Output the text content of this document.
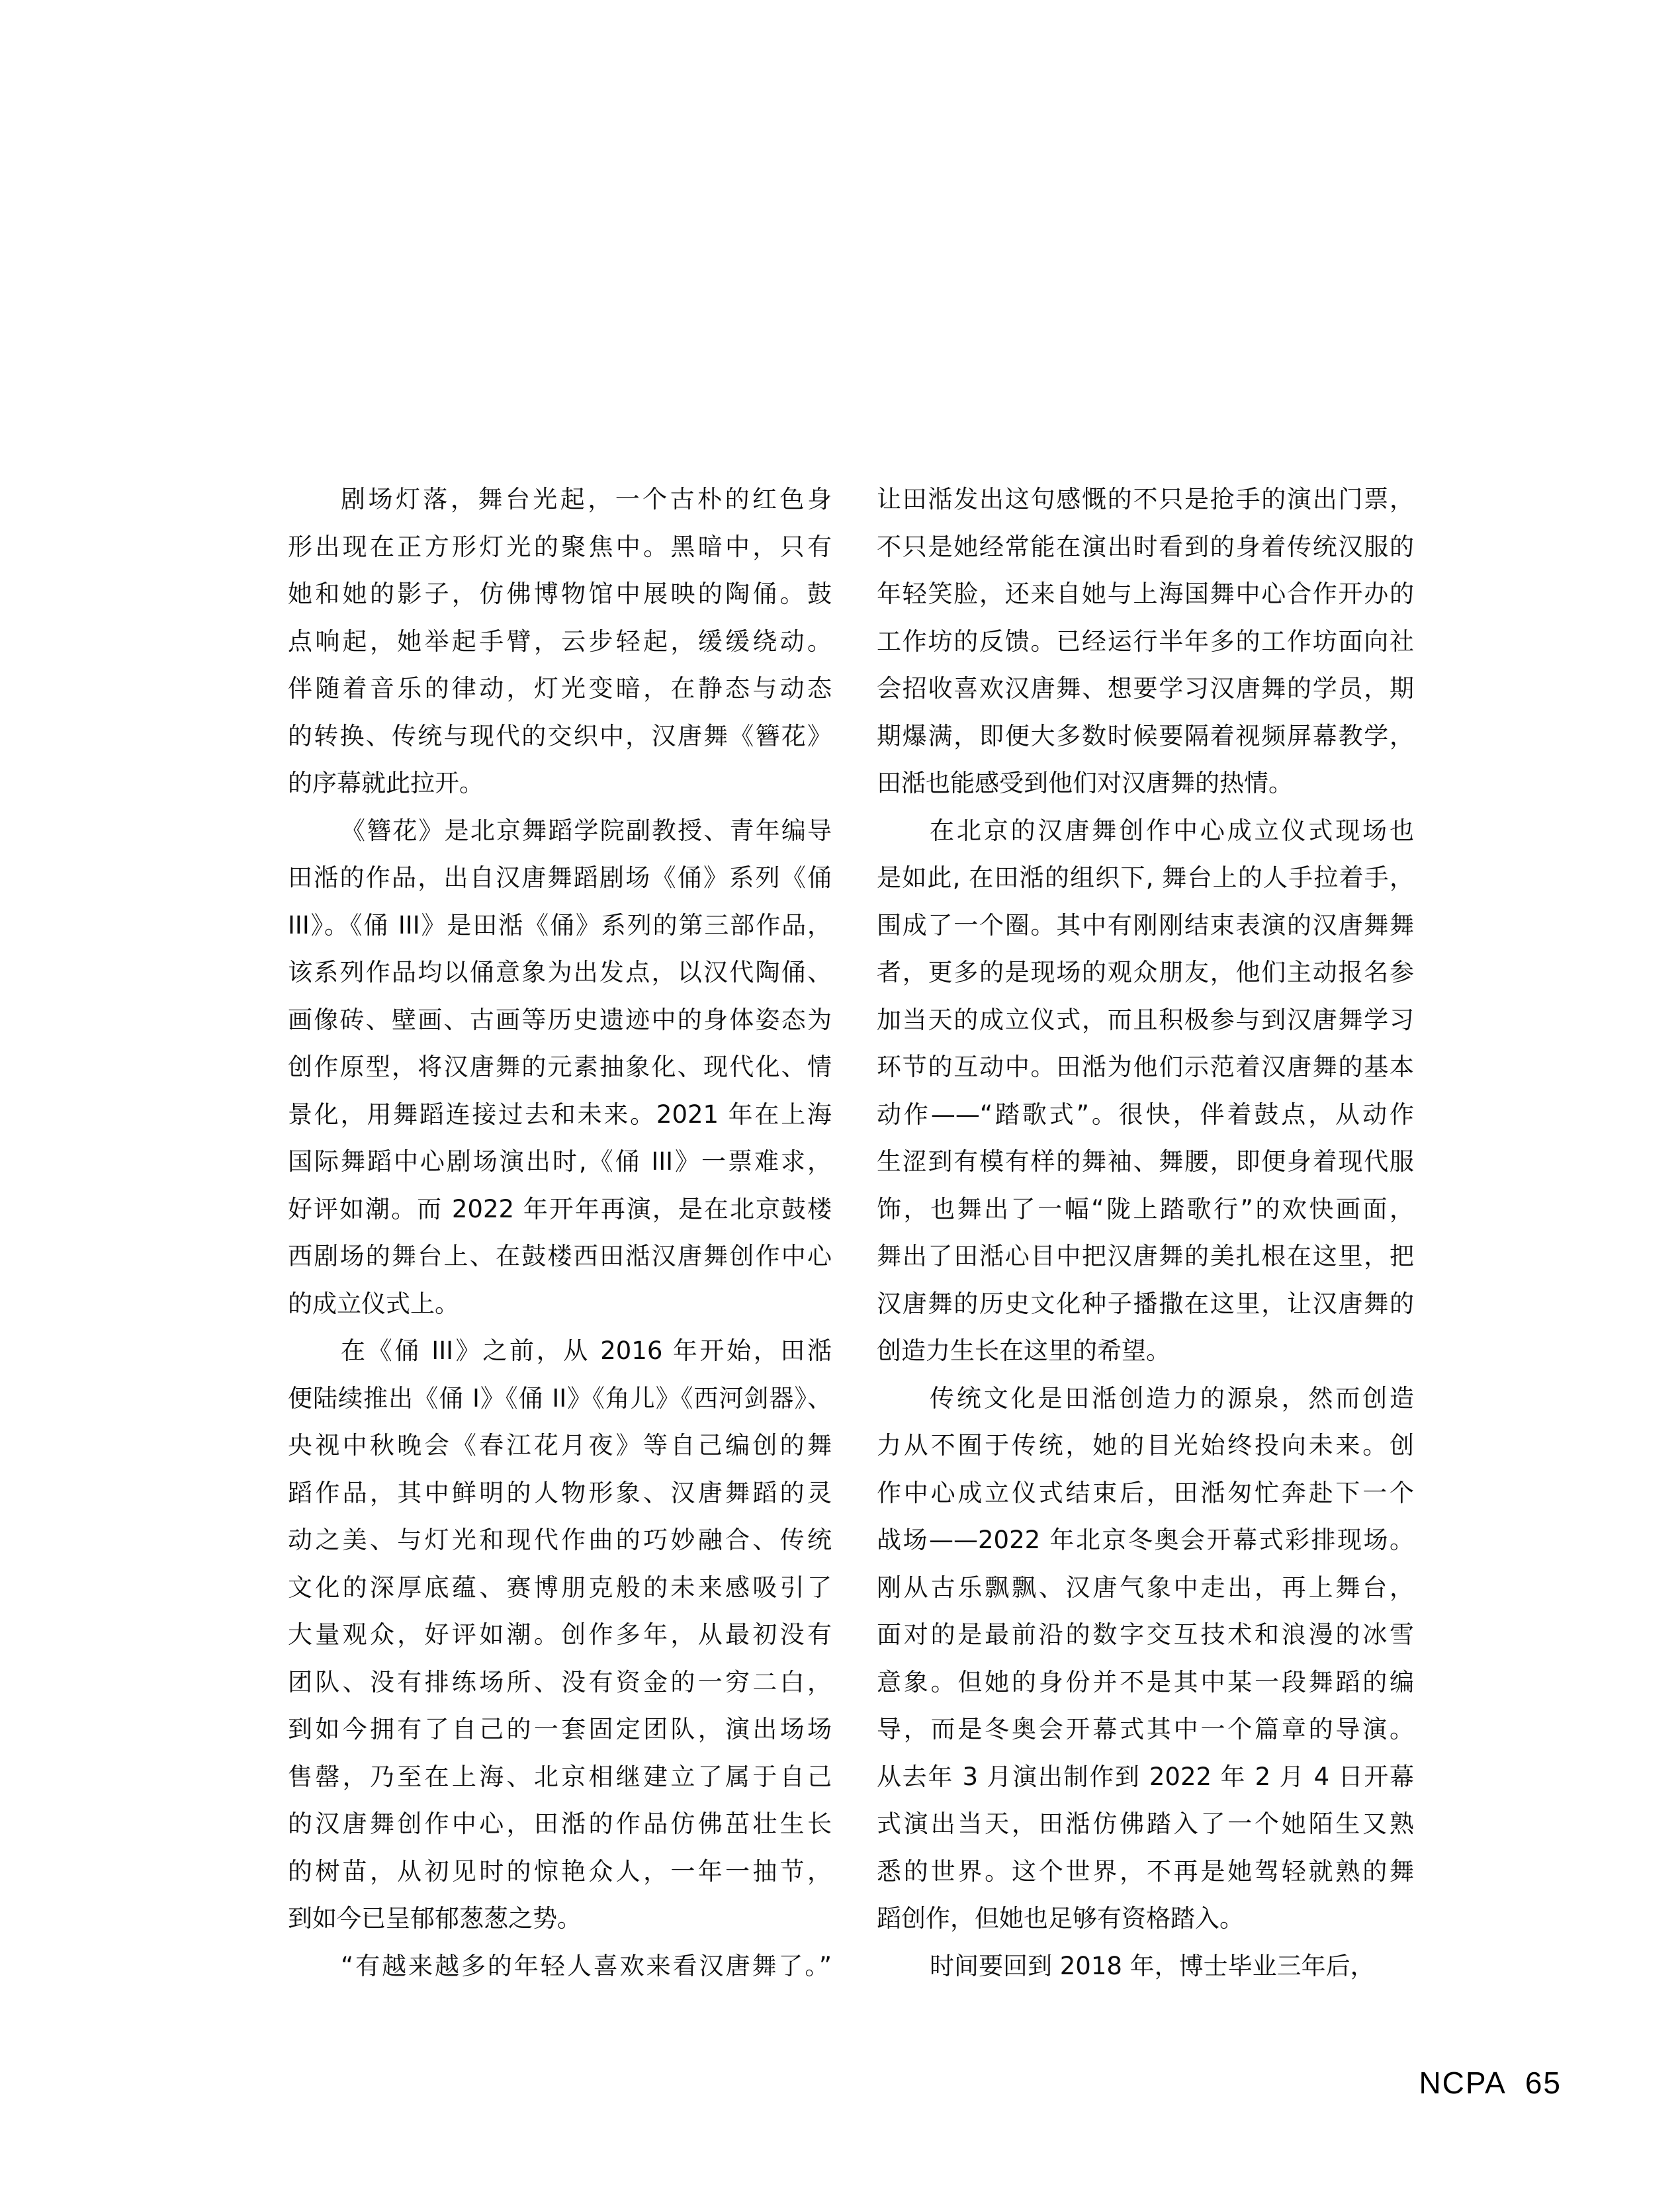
剧场灯落，舞台光起，一个古朴的红色身
形出现在正方形灯光的聚焦中。黑暗中，只有
她和她的影子，仿佛博物馆中展映的陶俑。鼓
点响起，她举起手臂，云步轻起，缓缓绕动。
伴随着音乐的律动，灯光变暗，在静态与动态
的转换、传统与现代的交织中，汉唐舞《簪花》
的序幕就此拉开。
《簪花》是北京舞蹈学院副教授、青年编导
田湉的作品，出自汉唐舞蹈剧场《俑》系列《俑
III》。《俑 III》是田湉《俑》系列的第三部作品，
该系列作品均以俑意象为出发点，以汉代陶俑、
画像砖、壁画、古画等历史遗迹中的身体姿态为
创作原型，将汉唐舞的元素抽象化、现代化、情
景化，用舞蹈连接过去和未来。2021 年在上海
国际舞蹈中心剧场演出时,《俑 III》一票难求，
好评如潮。而 2022 年开年再演，是在北京鼓楼
西剧场的舞台上、在鼓楼西田湉汉唐舞创作中心
的成立仪式上。
在《俑 III》之前，从 2016 年开始，田湉
便陆续推出《俑 I》《俑 II》《角儿》《西河剑器》、
央视中秋晚会《春江花月夜》等自己编创的舞
蹈作品，其中鲜明的人物形象、汉唐舞蹈的灵
动之美、与灯光和现代作曲的巧妙融合、传统
文化的深厚底蕴、赛博朋克般的未来感吸引了
大量观众，好评如潮。创作多年，从最初没有
团队、没有排练场所、没有资金的一穷二白，
到如今拥有了自己的一套固定团队，演出场场
售罄，乃至在上海、北京相继建立了属于自己
的汉唐舞创作中心，田湉的作品仿佛茁壮生长
的树苗，从初见时的惊艳众人，一年一抽节，
到如今已呈郁郁葱葱之势。
“有越来越多的年轻人喜欢来看汉唐舞了。”
让田湉发出这句感慨的不只是抢手的演出门票，
不只是她经常能在演出时看到的身着传统汉服的
年轻笑脸，还来自她与上海国舞中心合作开办的
工作坊的反馈。已经运行半年多的工作坊面向社
会招收喜欢汉唐舞、想要学习汉唐舞的学员，期
期爆满，即便大多数时候要隔着视频屏幕教学，
田湉也能感受到他们对汉唐舞的热情。
在北京的汉唐舞创作中心成立仪式现场也
是如此, 在田湉的组织下, 舞台上的人手拉着手，
围成了一个圈。其中有刚刚结束表演的汉唐舞舞
者，更多的是现场的观众朋友，他们主动报名参
加当天的成立仪式，而且积极参与到汉唐舞学习
环节的互动中。田湉为他们示范着汉唐舞的基本
动作——“踏歌式”。很快，伴着鼓点，从动作
生涩到有模有样的舞袖、舞腰，即便身着现代服
饰，也舞出了一幅“陇上踏歌行”的欢快画面，
舞出了田湉心目中把汉唐舞的美扎根在这里，把
汉唐舞的历史文化种子播撒在这里，让汉唐舞的
创造力生长在这里的希望。
传统文化是田湉创造力的源泉，然而创造
力从不囿于传统，她的目光始终投向未来。创
作中心成立仪式结束后，田湉匆忙奔赴下一个
战场——2022 年北京冬奥会开幕式彩排现场。
刚从古乐飘飘、汉唐气象中走出，再上舞台，
面对的是最前沿的数字交互技术和浪漫的冰雪
意象。但她的身份并不是其中某一段舞蹈的编
导，而是冬奥会开幕式其中一个篇章的导演。
从去年 3 月演出制作到 2022 年 2 月 4 日开幕
式演出当天，田湉仿佛踏入了一个她陌生又熟
悉的世界。这个世界，不再是她驾轻就熟的舞
蹈创作，但她也足够有资格踏入。
时间要回到 2018 年，博士毕业三年后，
NCPA 65
